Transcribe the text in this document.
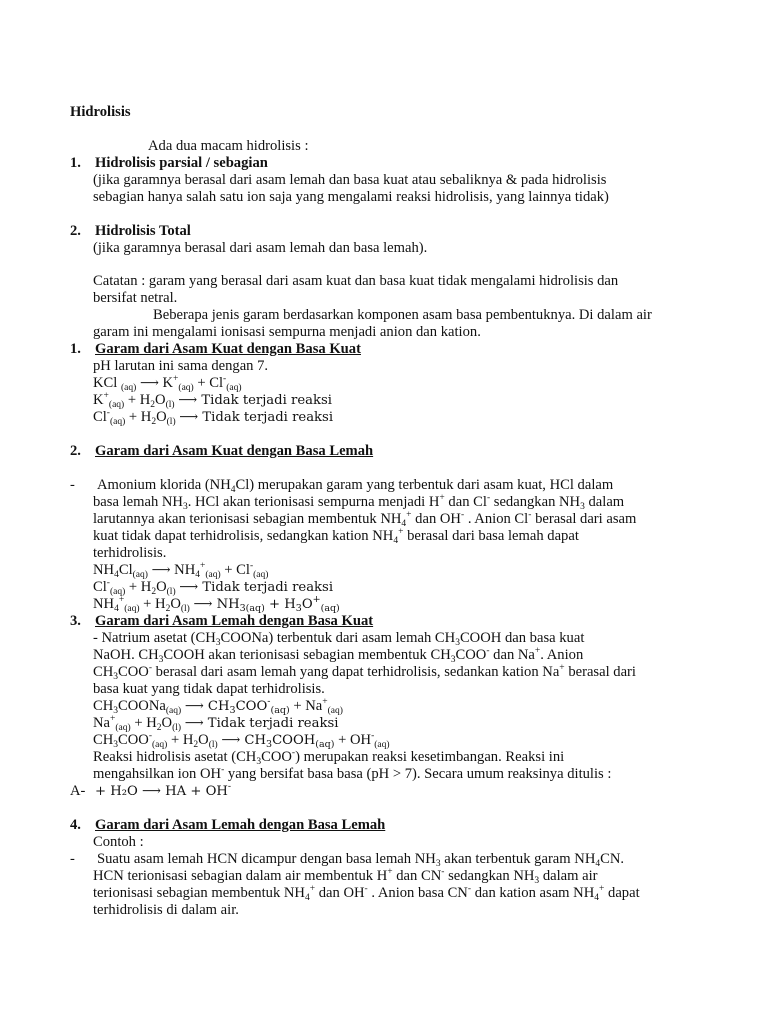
Hidrolisis
Ada dua macam hidrolisis :
1. Hidrolisis parsial / sebagian
(jika garamnya berasal dari asam lemah dan basa kuat atau sebaliknya & pada hidrolisis
sebagian hanya salah satu ion saja yang mengalami reaksi hidrolisis, yang lainnya tidak)
2. Hidrolisis Total
(jika garamnya berasal dari asam lemah dan basa lemah).
Catatan : garam yang berasal dari asam kuat dan basa kuat tidak mengalami hidrolisis dan
bersifat netral.
Beberapa jenis garam berdasarkan komponen asam basa pembentuknya. Di dalam air
garam ini mengalami ionisasi sempurna menjadi anion dan kation.
1. Garam dari Asam Kuat dengan Basa Kuat
pH larutan ini sama dengan 7.
KCl $_{(aq)}$ ⟶ $K^+_{(aq)} + Cl^-_{(aq)}$
$K^+_{(aq)} + H_2O_{(l)}$ ⟶ Tidak terjadi reaksi
$Cl^-_{(aq)} + H_2O_{(l)}$ ⟶ Tidak terjadi reaksi
2. Garam dari Asam Kuat dengan Basa Lemah
- Amonium klorida $(NH_4Cl)$ merupakan garam yang terbentuk dari asam kuat, HCl dalam
basa lemah $NH_3$. HCl akan terionisasi sempurna menjadi H+ dan Cl- sedangkan $NH_3$ dalam
larutannya akan terionisasi sebagian membentuk $NH_4^+$ dan OH- . Anion Cl- berasal dari asam
kuat tidak dapat terhidrolisis, sedangkan kation $NH_4^+$ berasal dari basa lemah dapat
terhidrolisis.
$NH_4Cl_{(aq)}$ ⟶ $NH_4^+_{(aq)} + Cl^-_{(aq)}$
$Cl^-_{(aq)} + H_2O_{(l)}$ ⟶ Tidak terjadi reaksi
$NH_4^+_{(aq)} + H_2O_{(l)}$ ⟶ $NH_{3(aq)} + H_3O^+_{(aq)}$
3. Garam dari Asam Lemah dengan Basa Kuat
- Natrium asetat $(CH_3COONa)$ terbentuk dari asam lemah $CH_3COOH$ dan basa kuat
NaOH. $CH_3COOH$ akan terionisasi sebagian membentuk $CH_3COO^-$ dan Na+. Anion
$CH_3COO^-$ berasal dari asam lemah yang dapat terhidrolisis, sedankan kation Na+ berasal dari
basa kuat yang tidak dapat terhidrolisis.
$CH_3COONa_{(aq)}$ ⟶ $CH_3COO^-_{(aq)} + Na^+_{(aq)}$
$Na^+_{(aq)} + H_2O_{(l)}$ ⟶ Tidak terjadi reaksi
$CH_3COO^-_{(aq)} + H_2O_{(l)}$ ⟶ $CH_3COOH_{(aq)} + OH^-_{(aq)}$
Reaksi hidrolisis asetat $(CH_3COO^-)$ merupakan reaksi kesetimbangan. Reaksi ini
mengahsilkan ion OH- yang bersifat basa basa (pH > 7). Secara umum reaksinya ditulis :
A- + H₂O ⟶ HA + OH-
4. Garam dari Asam Lemah dengan Basa Lemah
Contoh :
- Suatu asam lemah HCN dicampur dengan basa lemah $NH_3$ akan terbentuk garam $NH_4CN$.
HCN terionisasi sebagian dalam air membentuk H+ dan CN- sedangkan $NH_3$ dalam air
terionisasi sebagian membentuk $NH_4^+$ dan OH- . Anion basa CN- dan kation asam $NH_4^+$ dapat
terhidrolisis di dalam air.
